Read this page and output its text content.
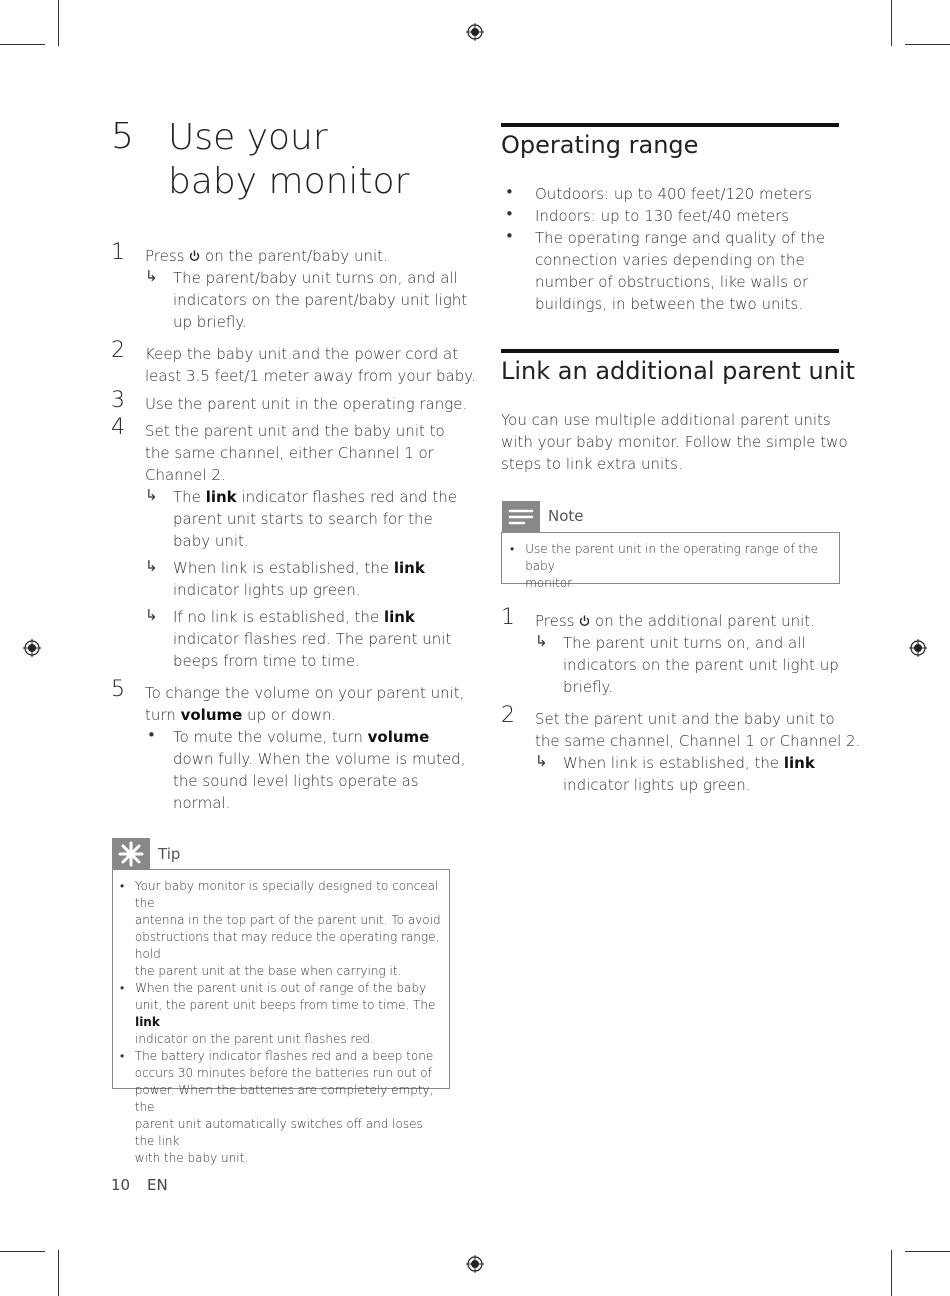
5 Use your
baby monitor
1 Press on the parent/baby unit.
↳ The parent/baby unit turns on, and all
indicators on the parent/baby unit light
up briefly.
2 Keep the baby unit and the power cord at
least 3.5 feet/1 meter away from your baby.
3 Use the parent unit in the operating range.
4 Set the parent unit and the baby unit to
the same channel, either Channel 1 or
Channel 2.
↳ The link indicator flashes red and the
parent unit starts to search for the
baby unit.
↳ When link is established, the link
indicator lights up green.
↳ If no link is established, the link
indicator flashes red. The parent unit
beeps from time to time.
5 To change the volume on your parent unit,
turn volume up or down.
• To mute the volume, turn volume
down fully. When the volume is muted,
the sound level lights operate as
normal.
Tip
• Your baby monitor is specially designed to conceal the
antenna in the top part of the parent unit. To avoid
obstructions that may reduce the operating range, hold
the parent unit at the base when carrying it.
• When the parent unit is out of range of the baby
unit, the parent unit beeps from time to time. The link
indicator on the parent unit flashes red.
• The battery indicator flashes red and a beep tone
occurs 30 minutes before the batteries run out of
power. When the batteries are completely empty, the
parent unit automatically switches off and loses the link
with the baby unit.
10 EN
Operating range
• Outdoors: up to 400 feet/120 meters
• Indoors: up to 130 feet/40 meters
• The operating range and quality of the
connection varies depending on the
number of obstructions, like walls or
buildings, in between the two units.
Link an additional parent unit
You can use multiple additional parent units
with your baby monitor. Follow the simple two
steps to link extra units.
Note
• Use the parent unit in the operating range of the baby
monitor.
1 Press on the additional parent unit.
↳ The parent unit turns on, and all
indicators on the parent unit light up
briefly.
2 Set the parent unit and the baby unit to
the same channel, Channel 1 or Channel 2.
↳ When link is established, the link
indicator lights up green.
